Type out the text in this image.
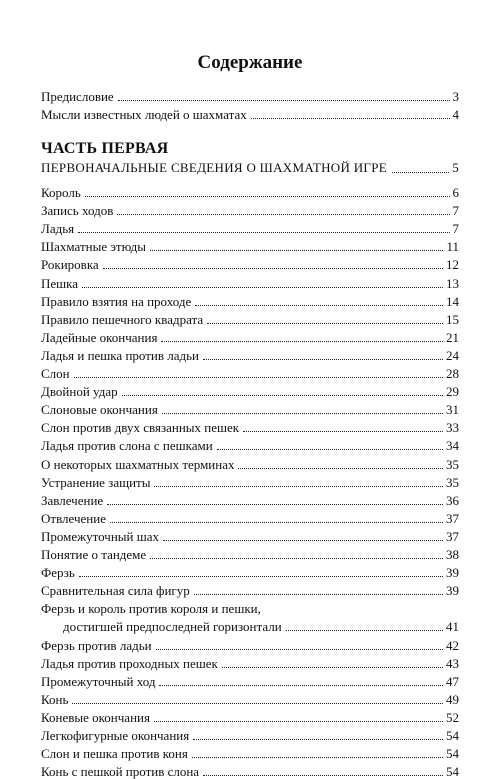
Содержание
Предисловие	3
Мысли известных людей о шахматах	4
ЧАСТЬ ПЕРВАЯ
ПЕРВОНАЧАЛЬНЫЕ СВЕДЕНИЯ О ШАХМАТНОЙ ИГРЕ	5
Король	6
Запись ходов	7
Ладья	7
Шахматные этюды	11
Рокировка	12
Пешка	13
Правило взятия на проходе	14
Правило пешечного квадрата	15
Ладейные окончания	21
Ладья и пешка против ладьи	24
Слон	28
Двойной удар	29
Слоновые окончания	31
Слон против двух связанных пешек	33
Ладья против слона с пешками	34
О некоторых шахматных терминах	35
Устранение защиты	35
Завлечение	36
Отвлечение	37
Промежуточный шах	37
Понятие о тандеме	38
Ферзь	39
Сравнительная сила фигур	39
Ферзь и король против короля и пешки,
достигшей предпоследней горизонтали	41
Ферзь против ладьи	42
Ладья против проходных пешек	43
Промежуточный ход	47
Конь	49
Коневые окончания	52
Легкофигурные окончания	54
Слон и пешка против коня	54
Конь с пешкой против слона	54
